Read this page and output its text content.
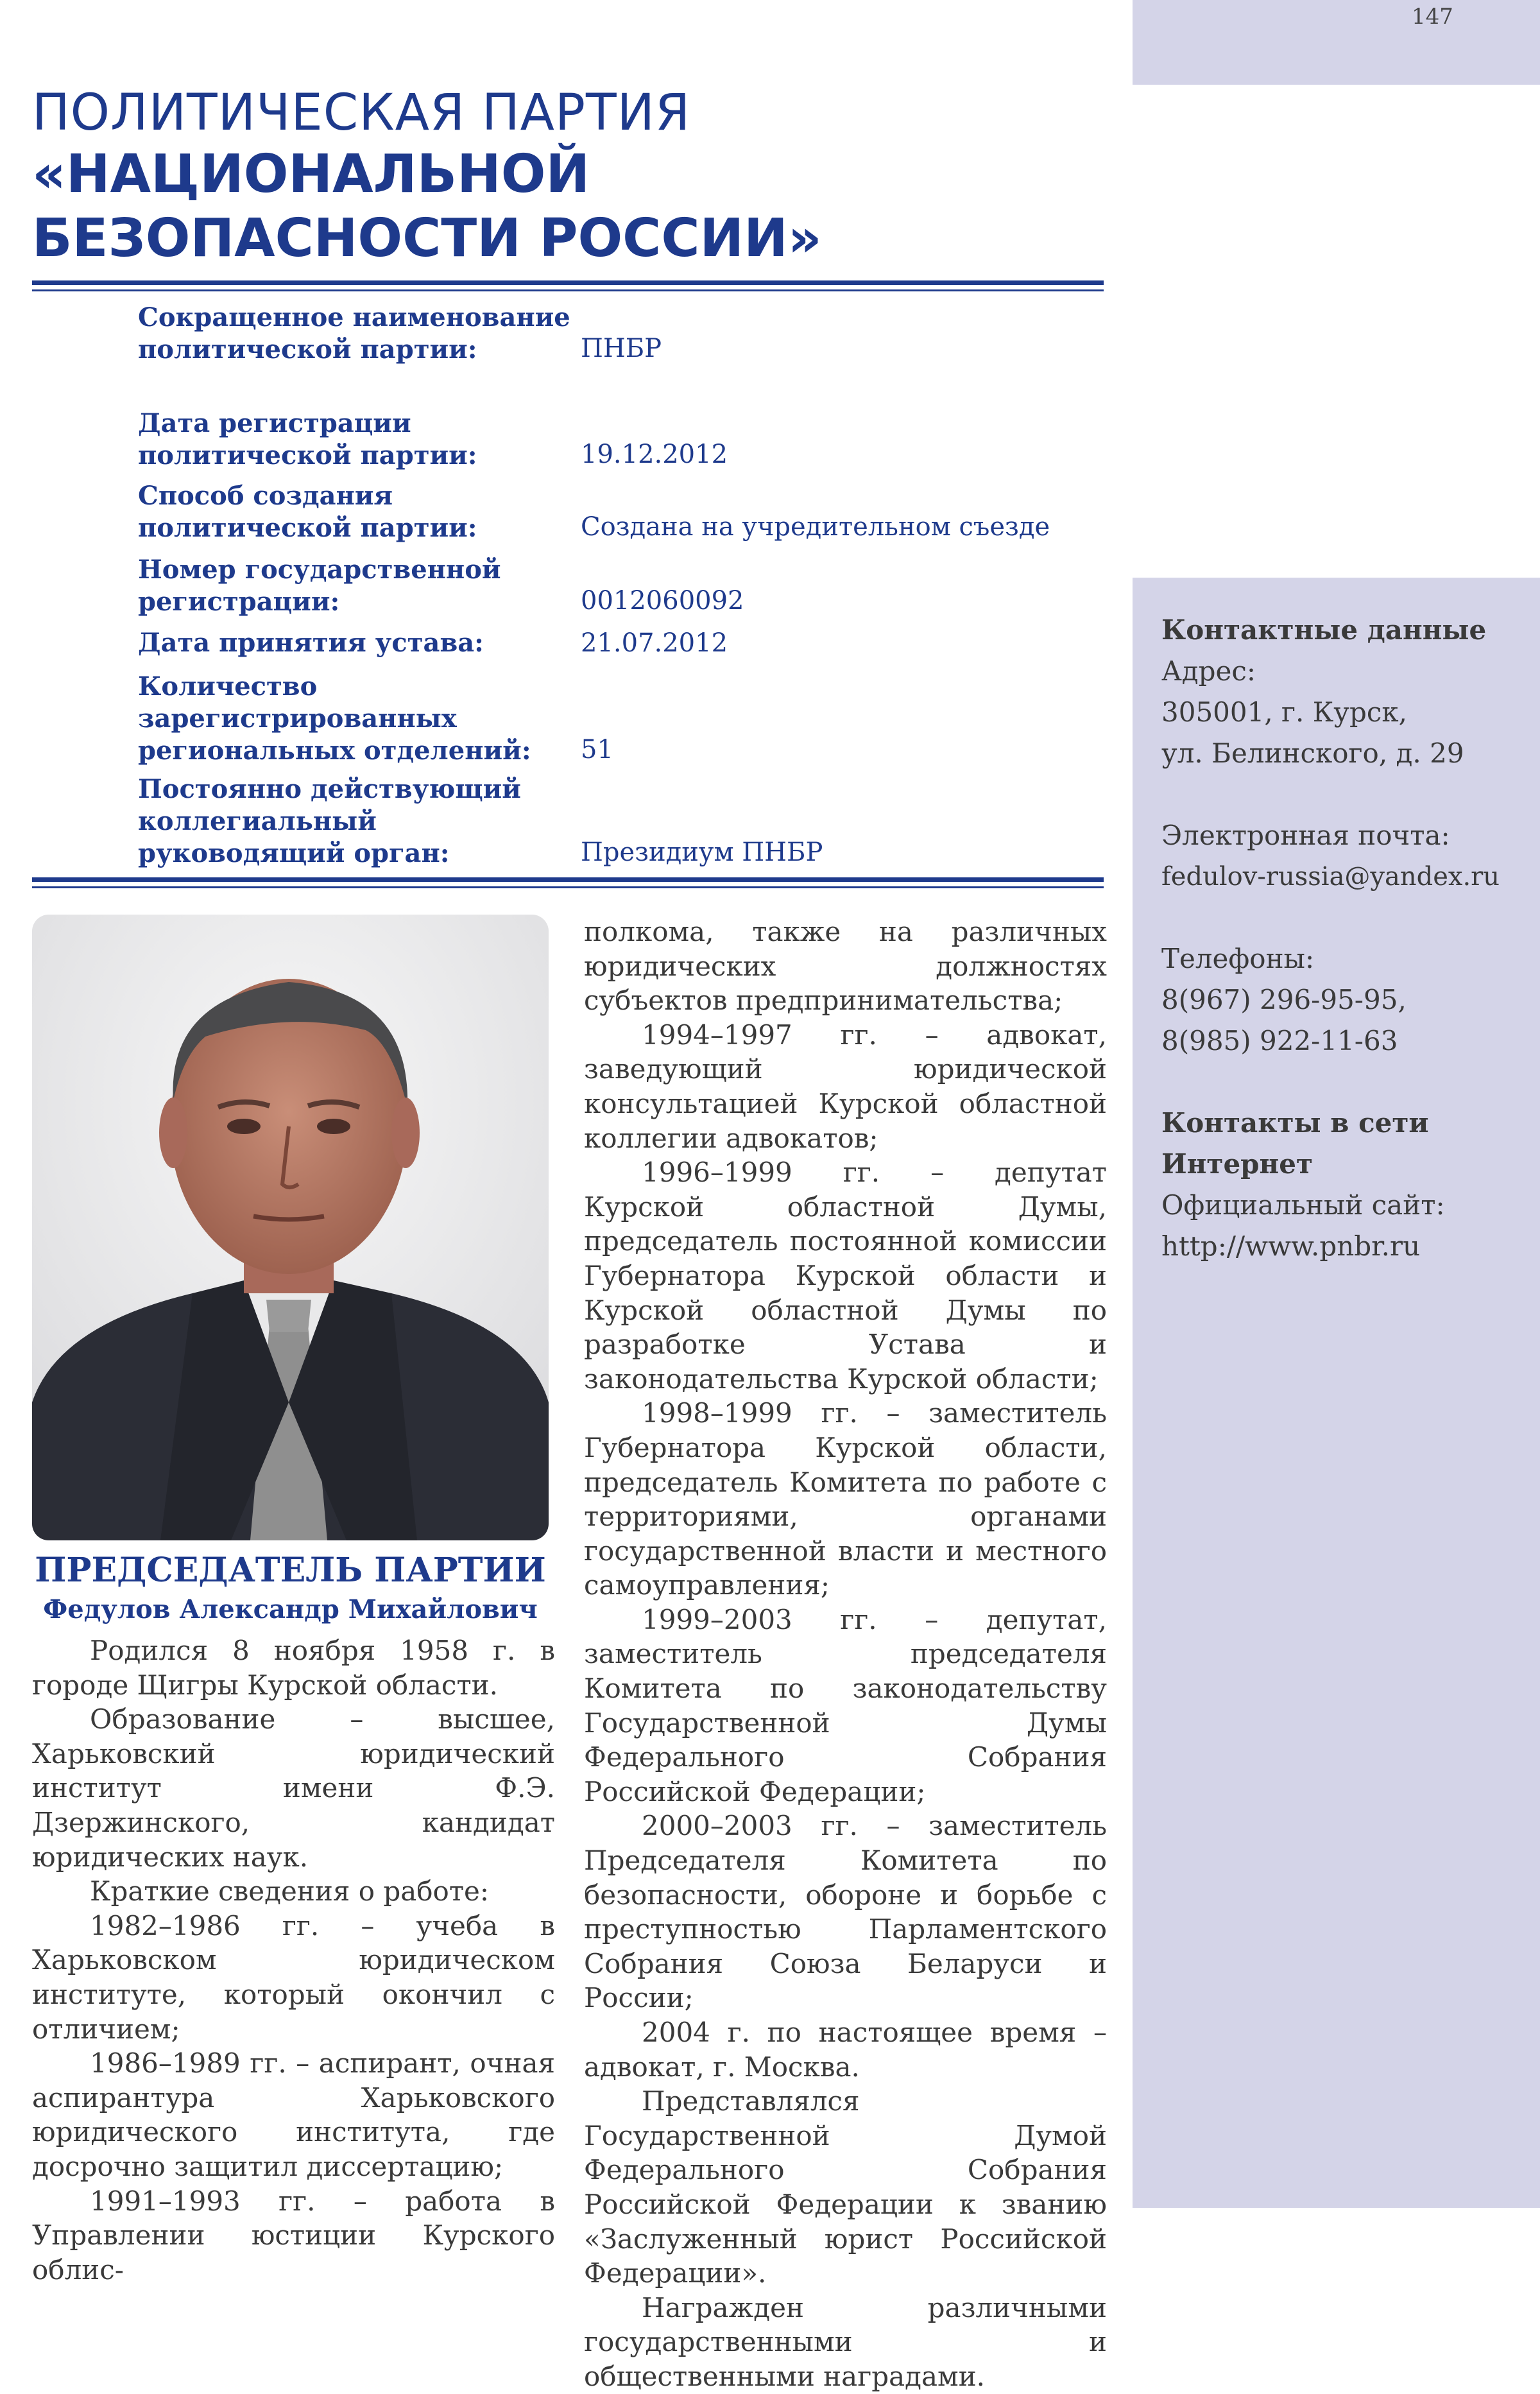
147
Контактные данные
Адрес:
305001, г. Курск,
ул. Белинского, д. 29
Электронная почта:
fedulov-russia@yandex.ru
Телефоны:
8(967) 296-95-95,
8(985) 922-11-63
Контакты в сети
Интернет
Официальный сайт:
http://www.pnbr.ru
ПОЛИТИЧЕСКАЯ ПАРТИЯ
«НАЦИОНАЛЬНОЙ
БЕЗОПАСНОСТИ РОССИИ»
Сокращенное наименование политической партии:	ПНБР
Дата регистрации политической партии:	19.12.2012
Способ создания политической партии:	Создана на учредительном съезде
Номер государственной регистрации:	0012060092
Дата принятия устава:	21.07.2012
Количество зарегистрированных региональных отделений:	51
Постоянно действующий коллегиальный руководящий орган:	Президиум ПНБР
ПРЕДСЕДАТЕЛЬ ПАРТИИ
Федулов Александр Михайлович

Родился 8 ноября 1958 г. в городе Щигры Курской области.

Образование – высшее, Харьковский юридический институт имени Ф.Э. Дзержинского, кандидат юридических наук.

Краткие сведения о работе:

1982–1986 гг. – учеба в Харьковском юридическом институте, который окончил с отличием;

1986–1989 гг. – аспирант, очная аспирантура Харьковского юридического института, где досрочно защитил диссертацию;

1991–1993 гг. – работа в Управлении юстиции Курского облис-

полкома, также на различных юридических должностях субъектов предпринимательства;

1994–1997 гг. – адвокат, заведующий юридической консультацией Курской областной коллегии адвокатов;

1996–1999 гг. – депутат Курской областной Думы, председатель постоянной комиссии Губернатора Курской области и Курской областной Думы по разработке Устава и законодательства Курской области;

1998–1999 гг. – заместитель Губернатора Курской области, председатель Комитета по работе с территориями, органами государственной власти и местного самоуправления;

1999–2003 гг. – депутат, заместитель председателя Комитета по законодательству Государственной Думы Федерального Собрания Российской Федерации;

2000–2003 гг. – заместитель Председателя Комитета по безопасности, обороне и борьбе с преступностью Парламентского Собрания Союза Беларуси и России;

2004 г. по настоящее время – адвокат, г. Москва.

Представлялся Государственной Думой Федерального Собрания Российской Федерации к званию «Заслуженный юрист Российской Федерации».

Награжден различными государственными и общественными наградами.
